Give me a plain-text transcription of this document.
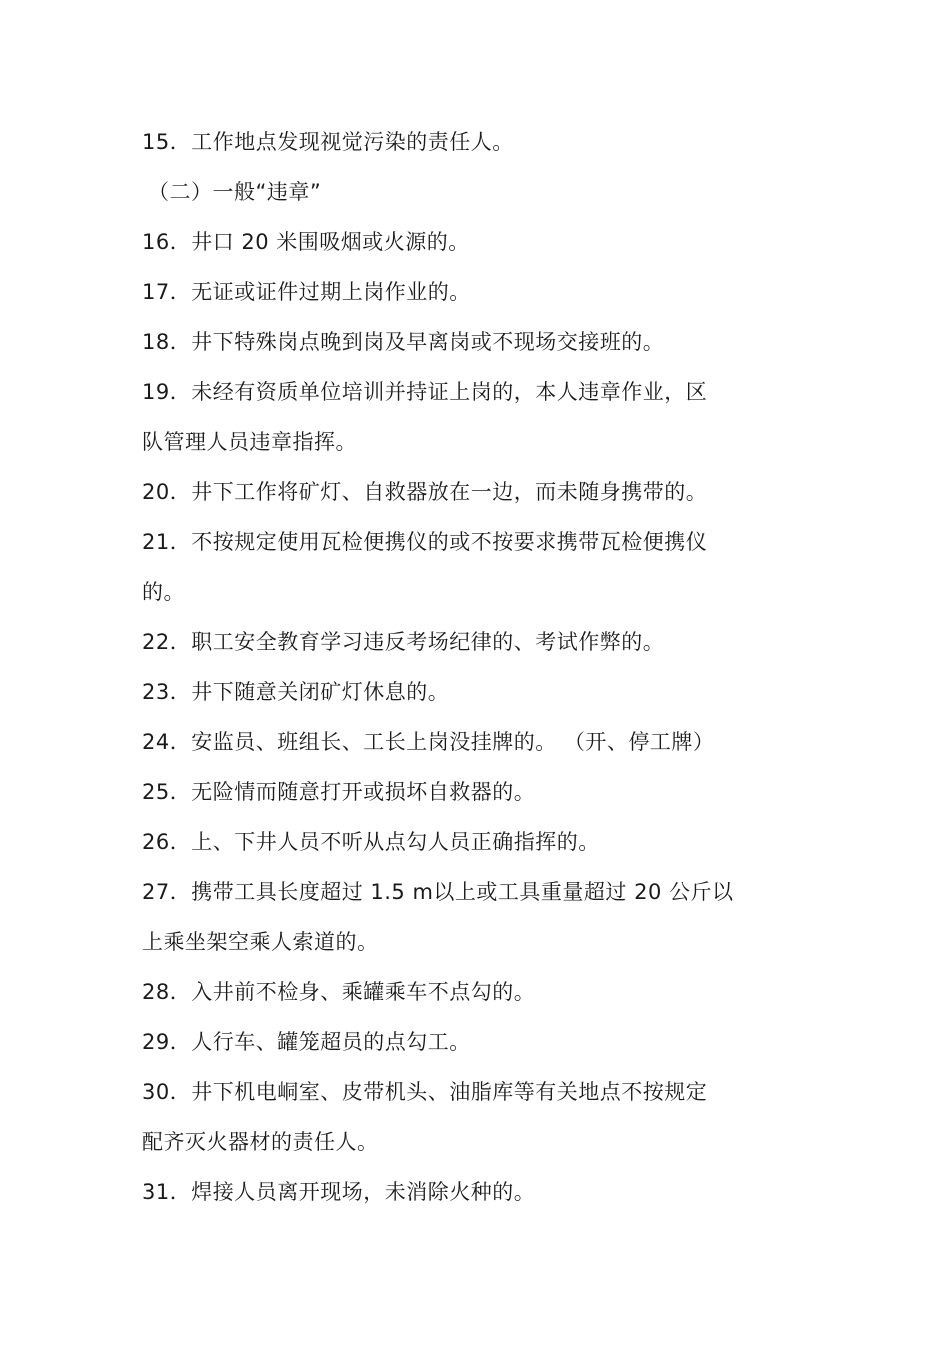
15．工作地点发现视觉污染的责任人。
（二）一般“违章”
16．井口 20 米围吸烟或火源的。
17．无证或证件过期上岗作业的。
18．井下特殊岗点晚到岗及早离岗或不现场交接班的。
19．未经有资质单位培训并持证上岗的，本人违章作业，区
队管理人员违章指挥。
20．井下工作将矿灯、自救器放在一边，而未随身携带的。
21．不按规定使用瓦检便携仪的或不按要求携带瓦检便携仪
的。
22．职工安全教育学习违反考场纪律的、考试作弊的。
23．井下随意关闭矿灯休息的。
24．安监员、班组长、工长上岗没挂牌的。 （开、停工牌）
25．无险情而随意打开或损坏自救器的。
26．上、下井人员不听从点勾人员正确指挥的。
27．携带工具长度超过 1.5 m以上或工具重量超过 20 公斤以
上乘坐架空乘人索道的。
28．入井前不检身、乘罐乘车不点勾的。
29．人行车、罐笼超员的点勾工。
30．井下机电峒室、皮带机头、油脂库等有关地点不按规定
配齐灭火器材的责任人。
31．焊接人员离开现场，未消除火种的。
